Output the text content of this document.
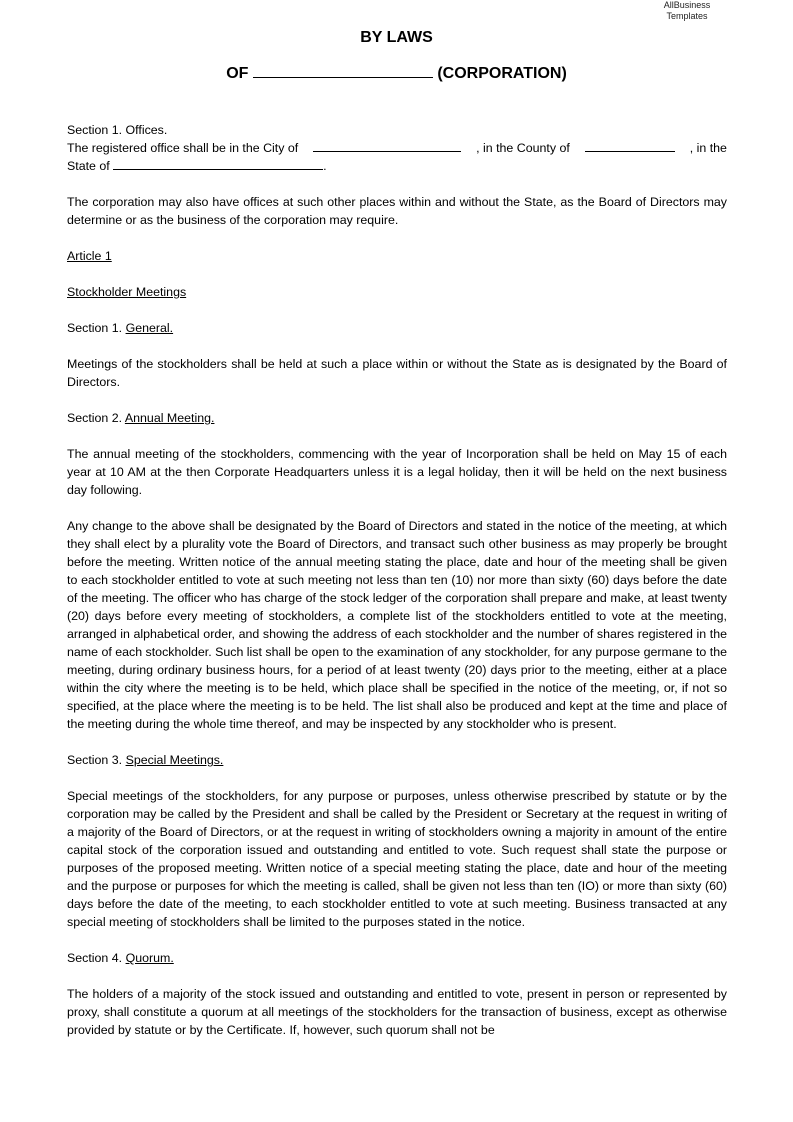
AllBusiness
Templates
BY LAWS
OF	(CORPORATION)

Section 1. Offices.

The registered office shall be in the City of	, in the County of	, in the

State of	.

The corporation may also have offices at such other places within and without the State, as the Board of Directors may determine or as the business of the corporation may require.

Article 1

Stockholder Meetings

Section 1. General.

Meetings of the stockholders shall be held at such a place within or without the State as is designated by the Board of Directors.

Section 2. Annual Meeting.

The annual meeting of the stockholders, commencing with the year of Incorporation shall be held on May 15 of each year at 10 AM at the then Corporate Headquarters unless it is a legal holiday, then it will be held on the next business day following.

Any change to the above shall be designated by the Board of Directors and stated in the notice of the meeting, at which they shall elect by a plurality vote the Board of Directors, and transact such other business as may properly be brought before the meeting. Written notice of the annual meeting stating the place, date and hour of the meeting shall be given to each stockholder entitled to vote at such meeting not less than ten (10) nor more than sixty (60) days before the date of the meeting. The officer who has charge of the stock ledger of the corporation shall prepare and make, at least twenty (20) days before every meeting of stockholders, a complete list of the stockholders entitled to vote at the meeting, arranged in alphabetical order, and showing the address of each stockholder and the number of shares registered in the name of each stockholder. Such list shall be open to the examination of any stockholder, for any purpose germane to the meeting, during ordinary business hours, for a period of at least twenty (20) days prior to the meeting, either at a place within the city where the meeting is to be held, which place shall be specified in the notice of the meeting, or, if not so specified, at the place where the meeting is to be held. The list shall also be produced and kept at the time and place of the meeting during the whole time thereof, and may be inspected by any stockholder who is present.

Section 3. Special Meetings.

Special meetings of the stockholders, for any purpose or purposes, unless otherwise prescribed by statute or by the corporation may be called by the President and shall be called by the President or Secretary at the request in writing of a majority of the Board of Directors, or at the request in writing of stockholders owning a majority in amount of the entire capital stock of the corporation issued and outstanding and entitled to vote. Such request shall state the purpose or purposes of the proposed meeting. Written notice of a special meeting stating the place, date and hour of the meeting and the purpose or purposes for which the meeting is called, shall be given not less than ten (IO) or more than sixty (60) days before the date of the meeting, to each stockholder entitled to vote at such meeting. Business transacted at any special meeting of stockholders shall be limited to the purposes stated in the notice.

Section 4. Quorum.

The holders of a majority of the stock issued and outstanding and entitled to vote, present in person or represented by proxy, shall constitute a quorum at all meetings of the stockholders for the transaction of business, except as otherwise provided by statute or by the Certificate. If, however, such quorum shall not be
